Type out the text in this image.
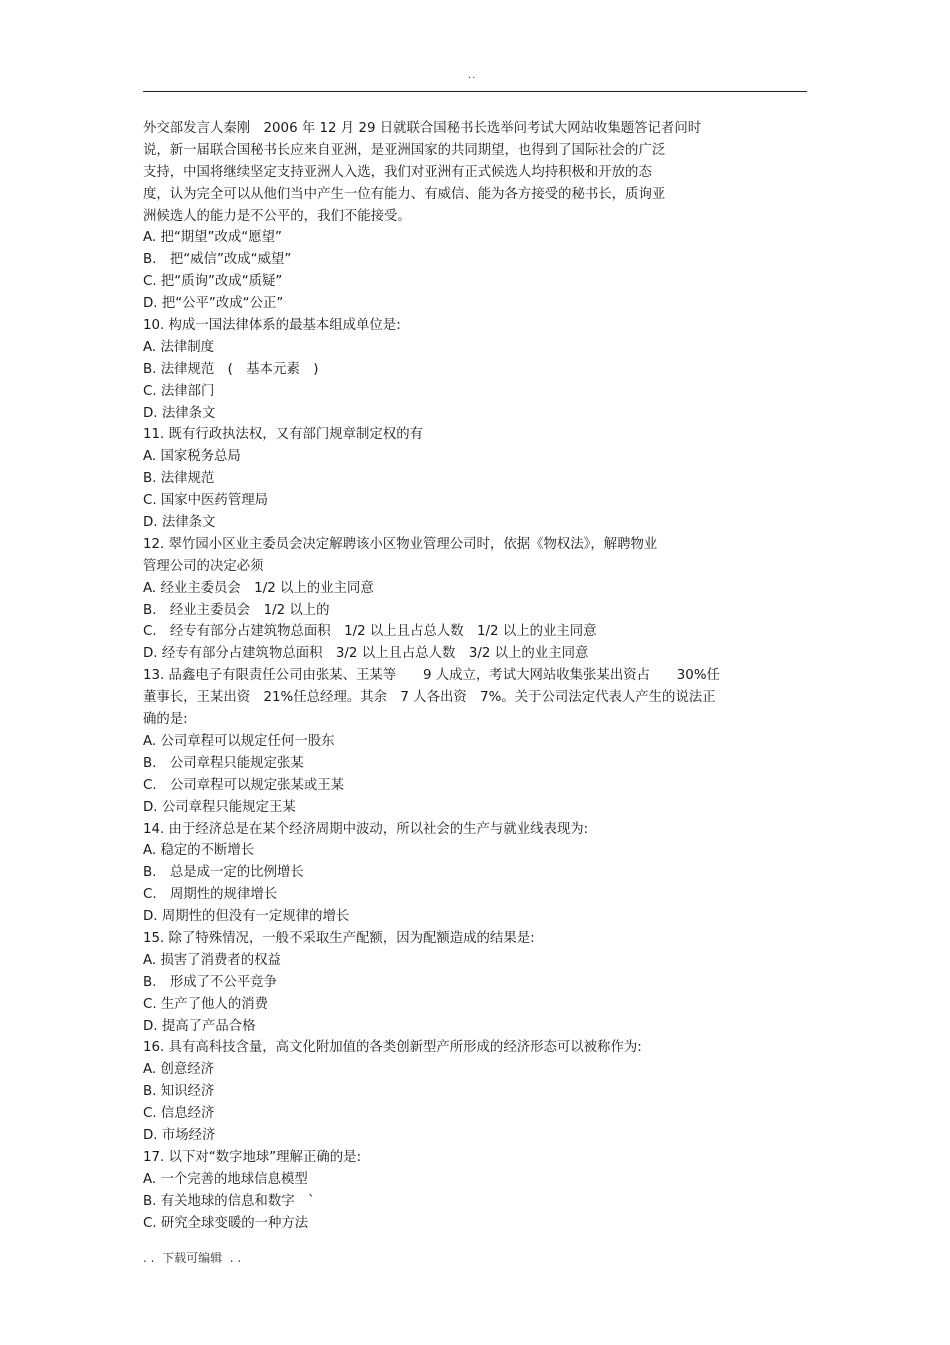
..
外交部发言人秦刚　2006 年 12 月 29 日就联合国秘书长选举问考试大网站收集题答记者问时
说，新一届联合国秘书长应来自亚洲，是亚洲国家的共同期望，也得到了国际社会的广泛
支持，中国将继续坚定支持亚洲人入选，我们对亚洲有正式候选人均持积极和开放的态
度，认为完全可以从他们当中产生一位有能力、有威信、能为各方接受的秘书长，质询亚
洲候选人的能力是不公平的，我们不能接受。
A. 把“期望”改成“愿望”
B.　把“威信”改成“威望”
C. 把“质询”改成“质疑”
D. 把“公平”改成“公正”
10. 构成一国法律体系的最基本组成单位是:
A. 法律制度
B. 法律规范　(　基本元素　)
C. 法律部门
D. 法律条文
11. 既有行政执法权，又有部门规章制定权的有
A. 国家税务总局
B. 法律规范
C. 国家中医药管理局
D. 法律条文
12. 翠竹园小区业主委员会决定解聘该小区物业管理公司时，依据《物权法》，解聘物业
管理公司的决定必须
A. 经业主委员会　1/2 以上的业主同意
B.　经业主委员会　1/2 以上的
C.　经专有部分占建筑物总面积　1/2 以上且占总人数　1/2 以上的业主同意
D. 经专有部分占建筑物总面积　3/2 以上且占总人数　3/2 以上的业主同意
13. 品鑫电子有限责任公司由张某、王某等　　9 人成立，考试大网站收集张某出资占　　30%任
董事长，王某出资　21%任总经理。其余　7 人各出资　7%。关于公司法定代表人产生的说法正
确的是:
A. 公司章程可以规定任何一股东
B.　公司章程只能规定张某
C.　公司章程可以规定张某或王某
D. 公司章程只能规定王某
14. 由于经济总是在某个经济周期中波动，所以社会的生产与就业线表现为:
A. 稳定的不断增长
B.　总是成一定的比例增长
C.　周期性的规律增长
D. 周期性的但没有一定规律的增长
15. 除了特殊情况，一般不采取生产配额，因为配额造成的结果是:
A. 损害了消费者的权益
B.　形成了不公平竞争
C. 生产了他人的消费
D. 提高了产品合格
16. 具有高科技含量，高文化附加值的各类创新型产所形成的经济形态可以被称作为:
A. 创意经济
B. 知识经济
C. 信息经济
D. 市场经济
17. 以下对“数字地球”理解正确的是:
A. 一个完善的地球信息模型
B. 有关地球的信息和数字　`
C. 研究全球变暖的一种方法
. .  下载可编辑  . .
